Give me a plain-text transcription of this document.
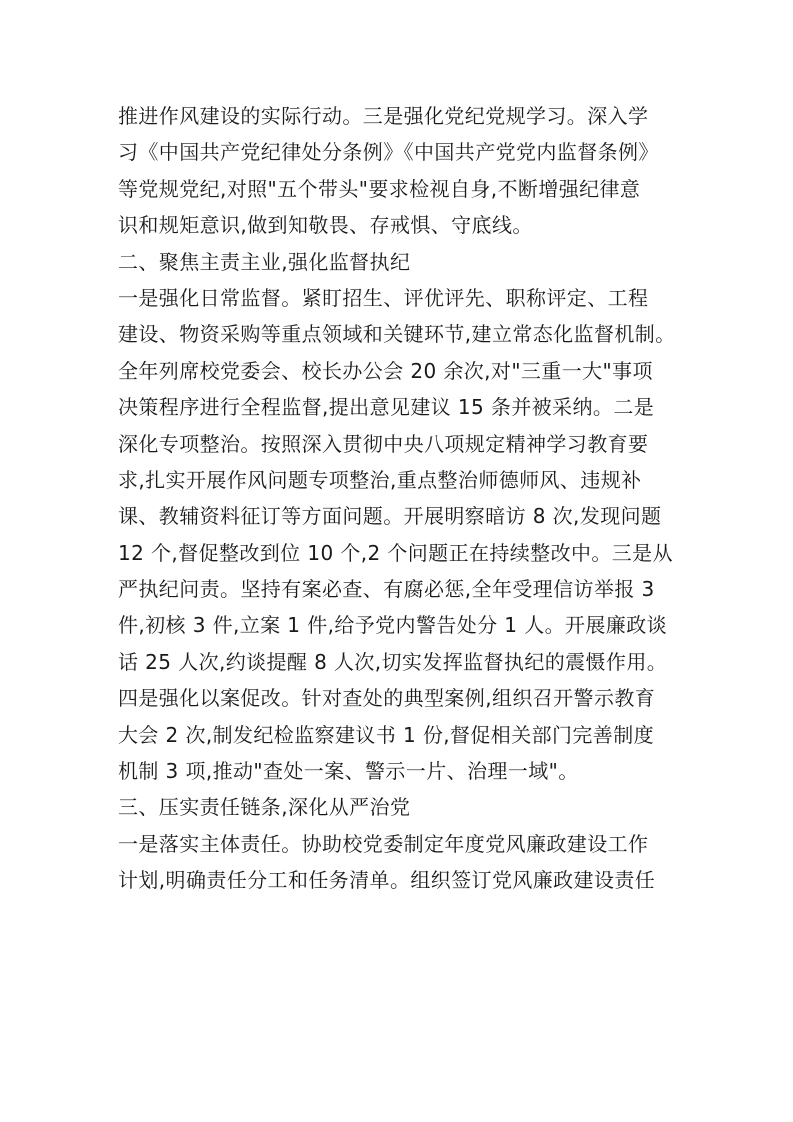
推进作风建设的实际行动。三是强化党纪党规学习。深入学
习《中国共产党纪律处分条例》《中国共产党党内监督条例》
等党规党纪,对照"五个带头"要求检视自身,不断增强纪律意
识和规矩意识,做到知敬畏、存戒惧、守底线。
二、聚焦主责主业,强化监督执纪
一是强化日常监督。紧盯招生、评优评先、职称评定、工程
建设、物资采购等重点领域和关键环节,建立常态化监督机制。
全年列席校党委会、校长办公会 20 余次,对"三重一大"事项
决策程序进行全程监督,提出意见建议 15 条并被采纳。二是
深化专项整治。按照深入贯彻中央八项规定精神学习教育要
求,扎实开展作风问题专项整治,重点整治师德师风、违规补
课、教辅资料征订等方面问题。开展明察暗访 8 次,发现问题
12 个,督促整改到位 10 个,2 个问题正在持续整改中。三是从
严执纪问责。坚持有案必查、有腐必惩,全年受理信访举报 3
件,初核 3 件,立案 1 件,给予党内警告处分 1 人。开展廉政谈
话 25 人次,约谈提醒 8 人次,切实发挥监督执纪的震慑作用。
四是强化以案促改。针对查处的典型案例,组织召开警示教育
大会 2 次,制发纪检监察建议书 1 份,督促相关部门完善制度
机制 3 项,推动"查处一案、警示一片、治理一域"。
三、压实责任链条,深化从严治党
一是落实主体责任。协助校党委制定年度党风廉政建设工作
计划,明确责任分工和任务清单。组织签订党风廉政建设责任
